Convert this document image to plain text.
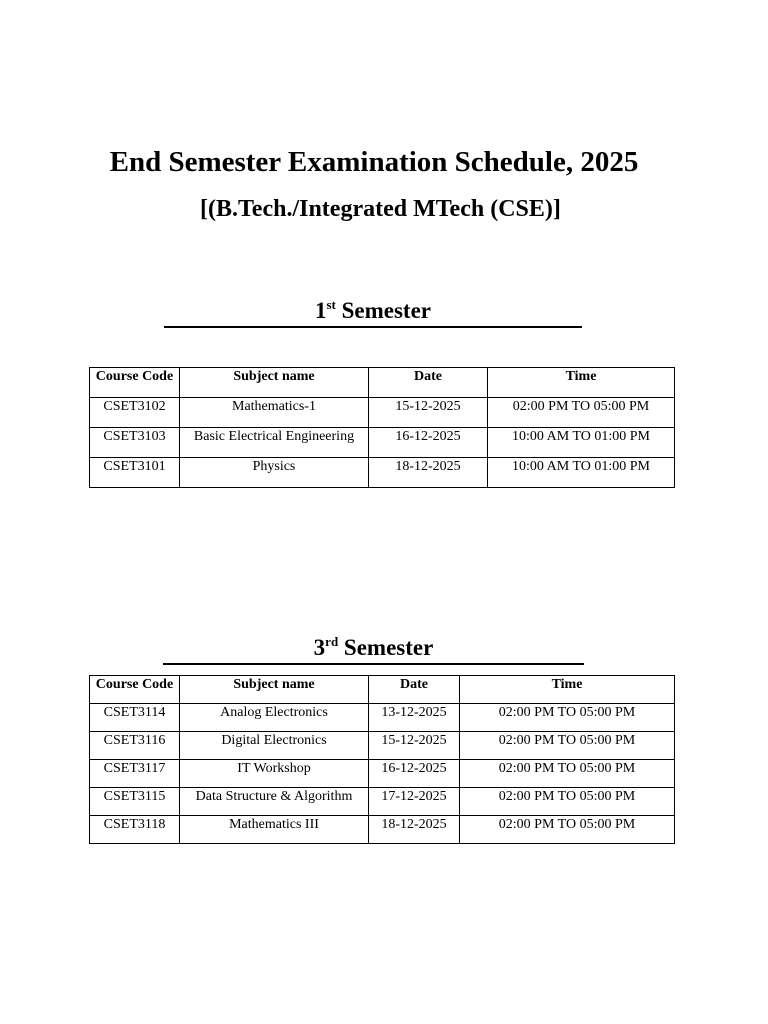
End Semester Examination Schedule, 2025
[(B.Tech./Integrated MTech (CSE)]
1st Semester
Course Code	Subject name	Date	Time
CSET3102	Mathematics-1	15-12-2025	02:00 PM TO 05:00 PM
CSET3103	Basic Electrical Engineering	16-12-2025	10:00 AM TO 01:00 PM
CSET3101	Physics	18-12-2025	10:00 AM TO 01:00 PM
3rd Semester
Course Code	Subject name	Date	Time
CSET3114	Analog Electronics	13-12-2025	02:00 PM TO 05:00 PM
CSET3116	Digital Electronics	15-12-2025	02:00 PM TO 05:00 PM
CSET3117	IT Workshop	16-12-2025	02:00 PM TO 05:00 PM
CSET3115	Data Structure & Algorithm	17-12-2025	02:00 PM TO 05:00 PM
CSET3118	Mathematics III	18-12-2025	02:00 PM TO 05:00 PM
